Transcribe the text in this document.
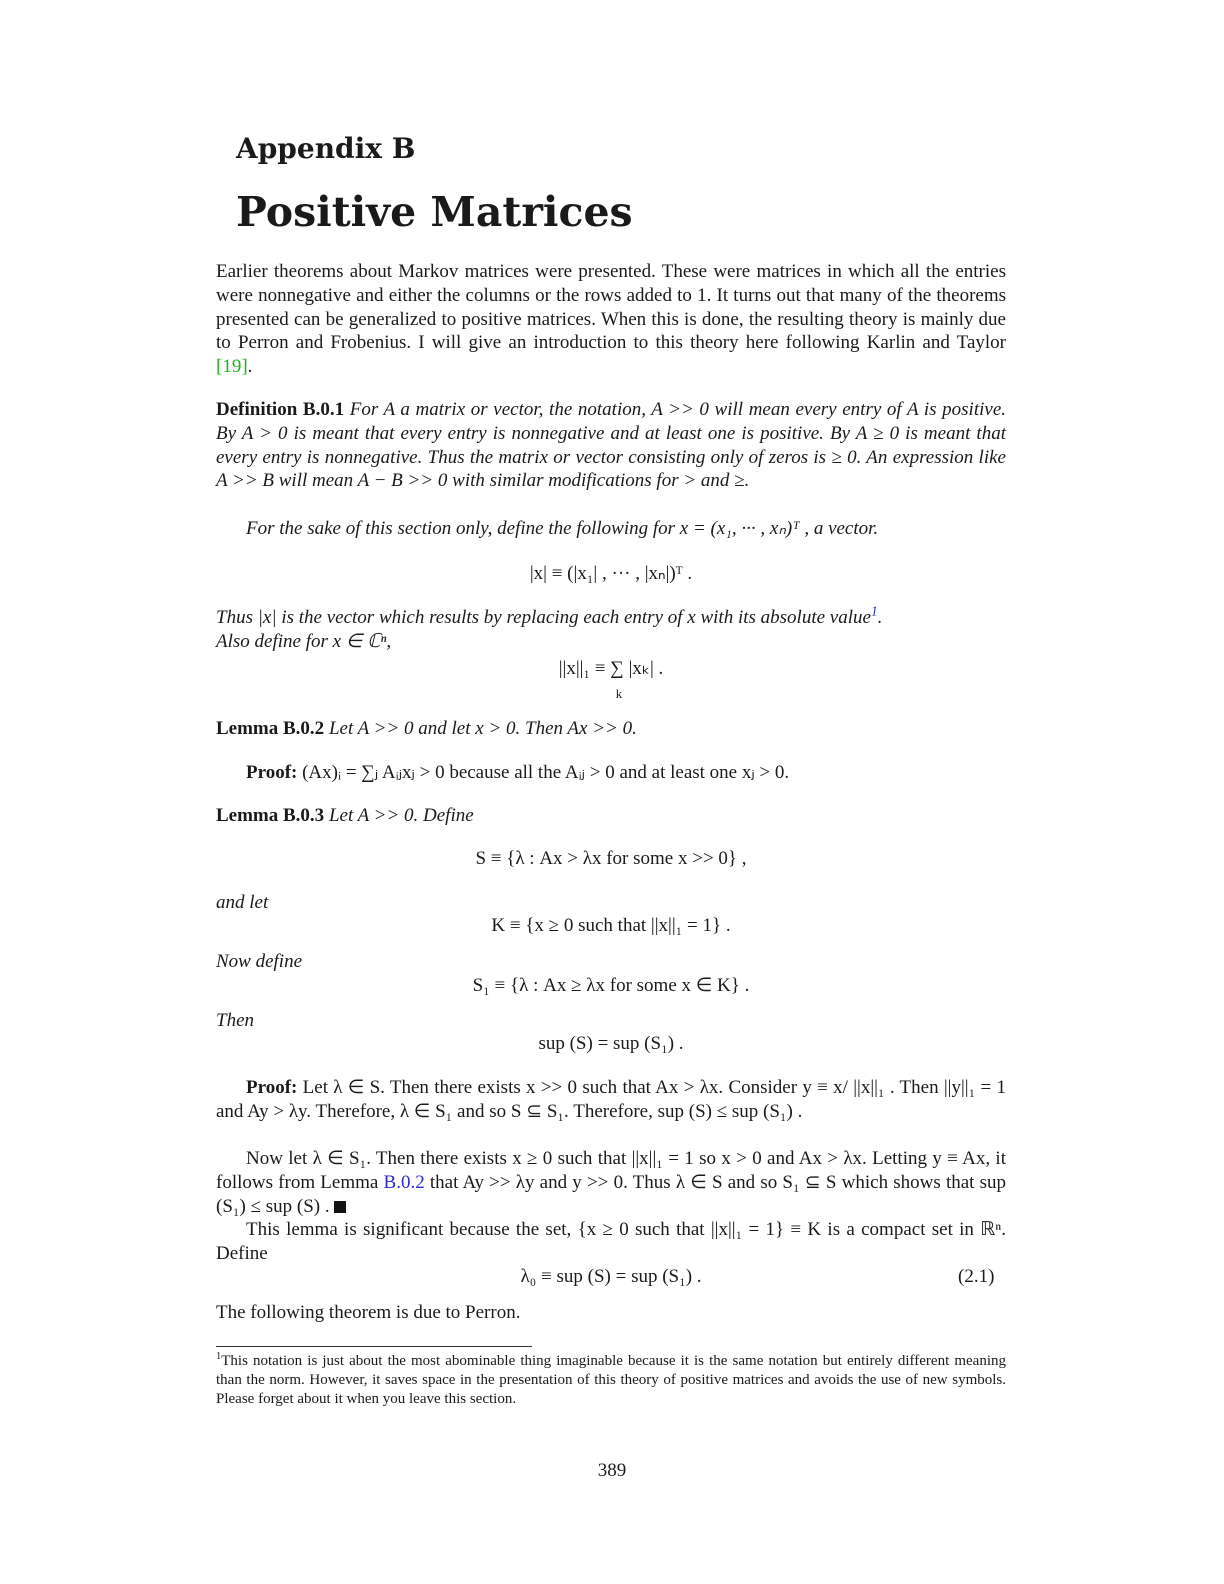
Appendix B
Positive Matrices
Earlier theorems about Markov matrices were presented. These were matrices in which all the entries were nonnegative and either the columns or the rows added to 1. It turns out that many of the theorems presented can be generalized to positive matrices. When this is done, the resulting theory is mainly due to Perron and Frobenius. I will give an introduction to this theory here following Karlin and Taylor [19].
Definition B.0.1 For A a matrix or vector, the notation, A >> 0 will mean every entry of A is positive. By A > 0 is meant that every entry is nonnegative and at least one is positive. By A ≥ 0 is meant that every entry is nonnegative. Thus the matrix or vector consisting only of zeros is ≥ 0. An expression like A >> B will mean A − B >> 0 with similar modifications for > and ≥.
For the sake of this section only, define the following for x = (x₁, ··· , xₙ)ᵀ , a vector.
|x| ≡ (|x₁| , ··· , |xₙ|)ᵀ .
Thus |x| is the vector which results by replacing each entry of x with its absolute value$^1$.
Also define for x ∈ ℂⁿ,
||x||₁ ≡ ∑ |xₖ| .
k
Lemma B.0.2 Let A >> 0 and let x > 0. Then Ax >> 0.
Proof: (Ax)ᵢ = ∑ⱼ Aᵢⱼxⱼ > 0 because all the Aᵢⱼ > 0 and at least one xⱼ > 0.
Lemma B.0.3 Let A >> 0. Define
S ≡ {λ : Ax > λx for some x >> 0} ,
and let
K ≡ {x ≥ 0 such that ||x||₁ = 1} .
Now define
S₁ ≡ {λ : Ax ≥ λx for some x ∈ K} .
Then
sup (S) = sup (S₁) .
Proof: Let λ ∈ S. Then there exists x >> 0 such that Ax > λx. Consider y ≡ x/ ||x||₁ . Then ||y||₁ = 1 and Ay > λy. Therefore, λ ∈ S₁ and so S ⊆ S₁. Therefore, sup (S) ≤ sup (S₁) .
Now let λ ∈ S₁. Then there exists x ≥ 0 such that ||x||₁ = 1 so x > 0 and Ax > λx. Letting y ≡ Ax, it follows from Lemma B.0.2 that Ay >> λy and y >> 0. Thus λ ∈ S and so S₁ ⊆ S which shows that sup (S₁) ≤ sup (S) .
This lemma is significant because the set, {x ≥ 0 such that ||x||₁ = 1} ≡ K is a compact set in ℝⁿ. Define
λ₀ ≡ sup (S) = sup (S₁) .	(2.1)
The following theorem is due to Perron.
$^1$This notation is just about the most abominable thing imaginable because it is the same notation but entirely different meaning than the norm. However, it saves space in the presentation of this theory of positive matrices and avoids the use of new symbols. Please forget about it when you leave this section.
389
